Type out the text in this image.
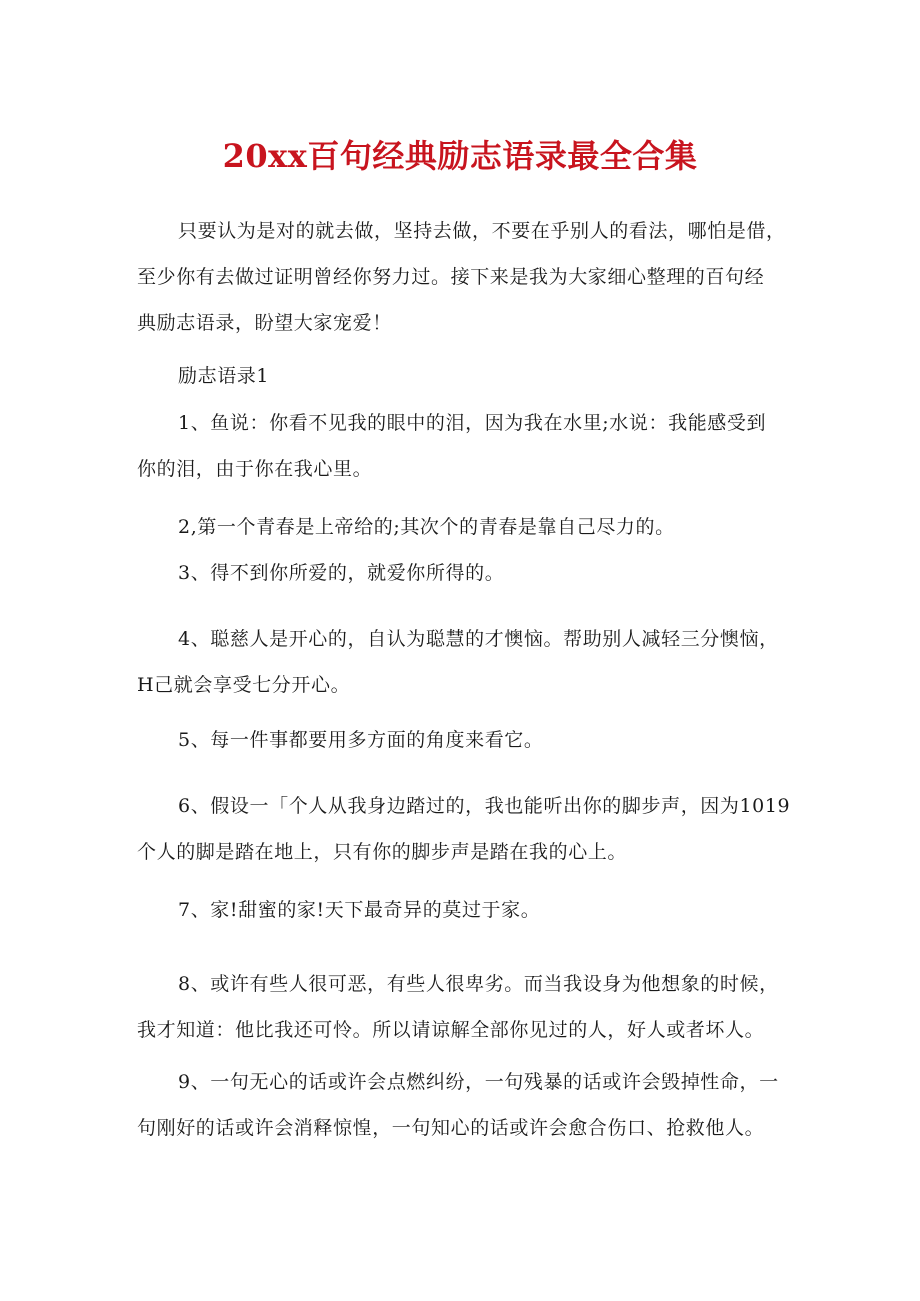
20xx百句经典励志语录最全合集

只要认为是对的就去做，坚持去做，不要在乎别人的看法，哪怕是借，
至少你有去做过证明曾经你努力过。接下来是我为大家细心整理的百句经
典励志语录，盼望大家宠爱！

励志语录1

1、鱼说：你看不见我的眼中的泪，因为我在水里;水说：我能感受到
你的泪，由于你在我心里。

2,第一个青春是上帝给的;其次个的青春是靠自己尽力的。

3、得不到你所爱的，就爱你所得的。

4、聪慈人是开心的，自认为聪慧的才懊恼。帮助别人减轻三分懊恼，
H己就会享受七分开心。

5、每一件事都要用多方面的角度来看它。

6、假设一「个人从我身边踏过的，我也能听出你的脚步声，因为1019
个人的脚是踏在地上，只有你的脚步声是踏在我的心上。

7、家!甜蜜的家!天下最奇异的莫过于家。

8、或许有些人很可恶，有些人很卑劣。而当我设身为他想象的时候，
我才知道：他比我还可怜。所以请谅解全部你见过的人，好人或者坏人。

9、一句无心的话或许会点燃纠纷，一句残暴的话或许会毁掉性命，一
句刚好的话或许会消释惊惶，一句知心的话或许会愈合伤口、抢救他人。
